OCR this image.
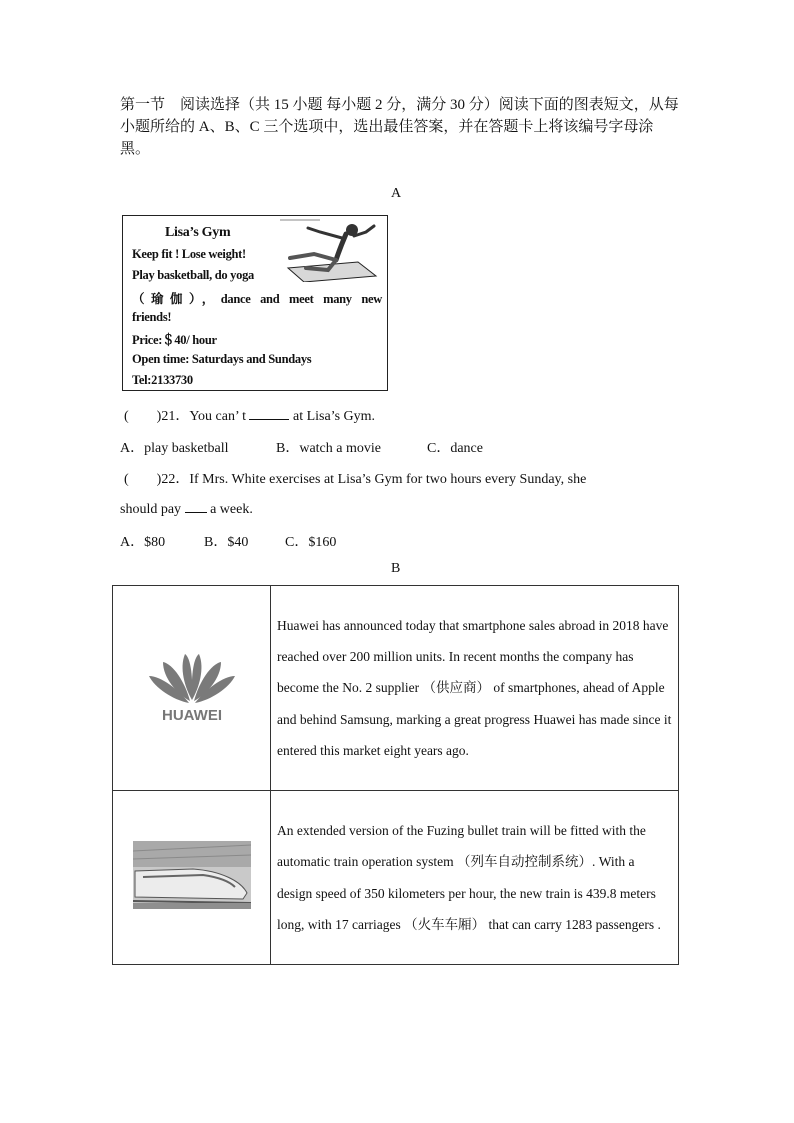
第一节　阅读选择（共 15 小题 每小题 2 分，满分 30 分）阅读下面的图表短文，从每小题所给的 A、B、C 三个选项中，选出最佳答案，并在答题卡上将该编号字母涂黑。
A
Lisa’s Gym
Keep fit ! Lose weight!
Play basketball, do yoga
（瑜伽），dance and meet many new
friends!
Price:＄40/ hour
Open time: Saturdays and Sundays
Tel:2133730
(　　)21．You can’ t	at Lisa’s Gym.
A．play basketball	B．watch a movie	C．dance
(　　)22．If Mrs. White exercises at Lisa’s Gym for two hours every Sunday, she
should pay a week.
A．$80	B．$40	C．$160
B
HUAWEI	Huawei has announced today that smartphone sales abroad in 2018 have reached over 200 million units. In recent months the company has become the No. 2 supplier （供应商） of smartphones, ahead of Apple and behind Samsung, marking a great progress Huawei has made since it entered this market eight years ago.
	An extended version of the Fuzing bullet train will be fitted with the automatic train operation system （列车自动控制系统）. With a design speed of 350 kilometers per hour, the new train is 439.8 meters long, with 17 carriages （火车车厢） that can carry 1283 passengers .
